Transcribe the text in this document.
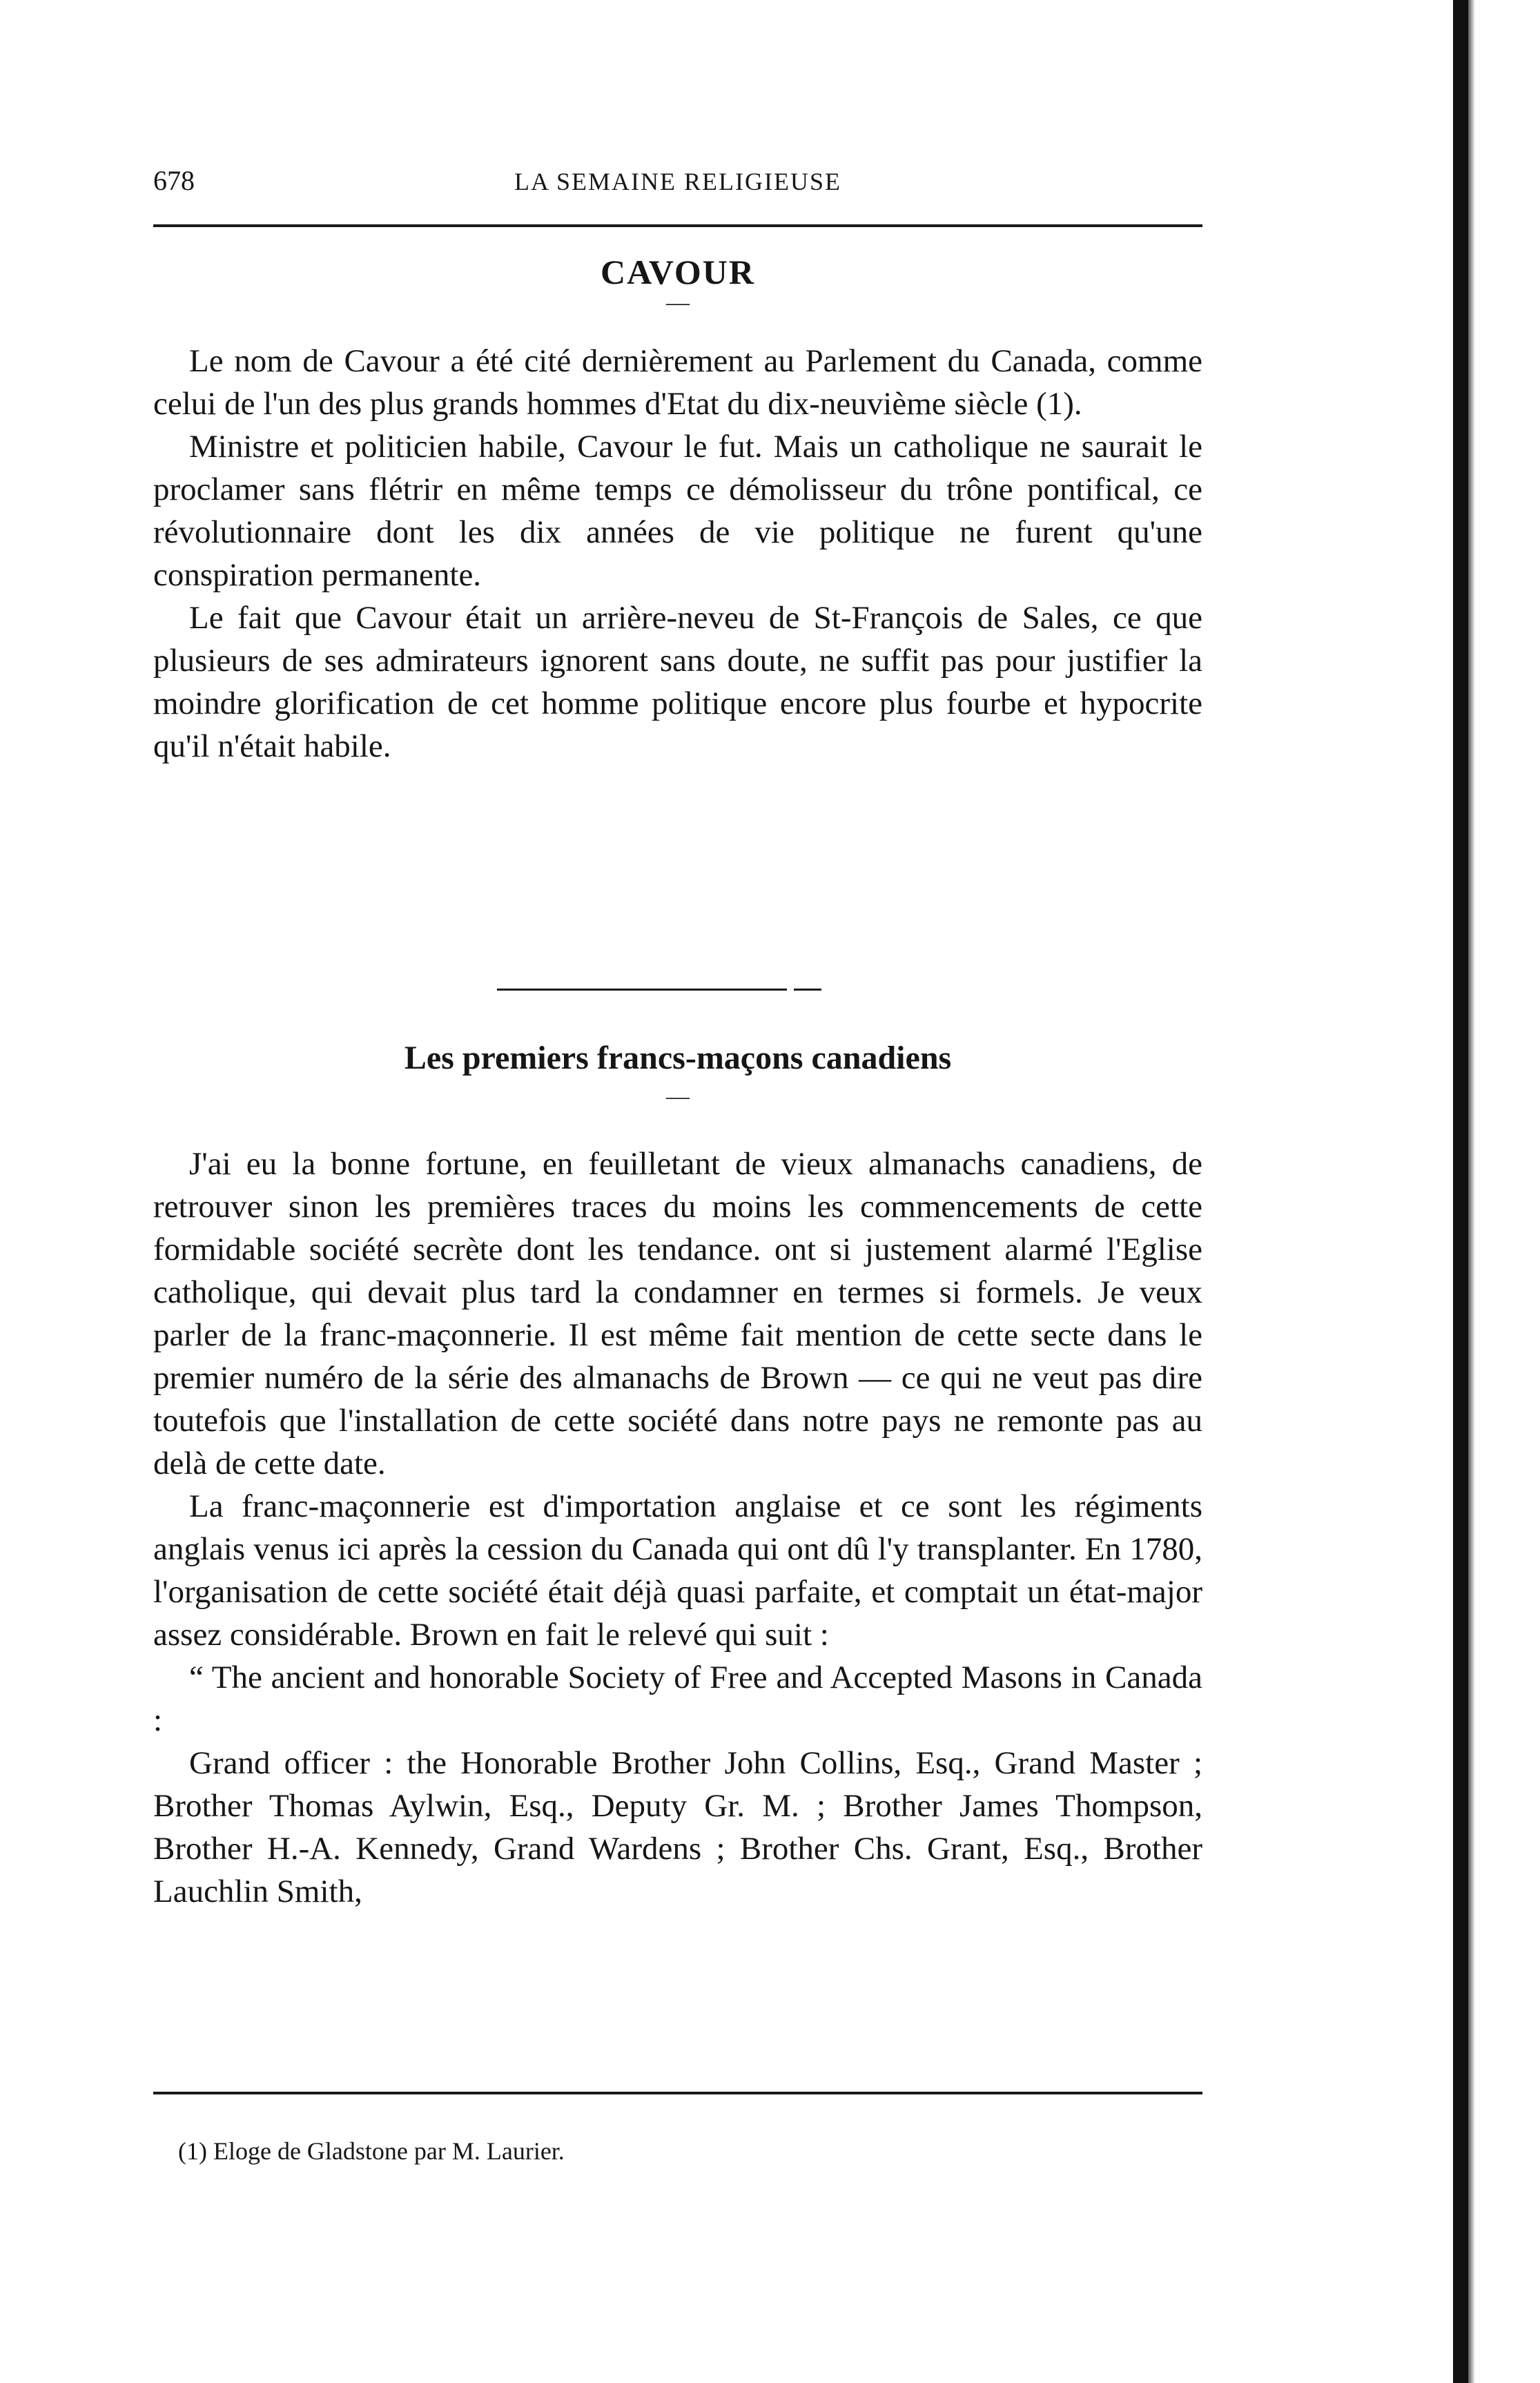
678	LA SEMAINE RELIGIEUSE
CAVOUR
—

Le nom de Cavour a été cité dernièrement au Parlement du Canada, comme celui de l'un des plus grands hommes d'Etat du dix-neuvième siècle (1).

Ministre et politicien habile, Cavour le fut. Mais un catholique ne saurait le proclamer sans flétrir en même temps ce démolisseur du trône pontifical, ce révolutionnaire dont les dix années de vie politique ne furent qu'une conspiration permanente.

Le fait que Cavour était un arrière-neveu de St-François de Sales, ce que plusieurs de ses admirateurs ignorent sans doute, ne suffit pas pour justifier la moindre glorification de cet homme politique encore plus fourbe et hypocrite qu'il n'était habile.

Les premiers francs-maçons canadiens
—

J'ai eu la bonne fortune, en feuilletant de vieux almanachs canadiens, de retrouver sinon les premières traces du moins les commencements de cette formidable société secrète dont les tendance. ont si justement alarmé l'Eglise catholique, qui devait plus tard la condamner en termes si formels. Je veux parler de la franc-maçonnerie. Il est même fait mention de cette secte dans le premier numéro de la série des almanachs de Brown — ce qui ne veut pas dire toutefois que l'installation de cette société dans notre pays ne remonte pas au delà de cette date.

La franc-maçonnerie est d'importation anglaise et ce sont les régiments anglais venus ici après la cession du Canada qui ont dû l'y transplanter. En 1780, l'organisation de cette société était déjà quasi parfaite, et comptait un état-major assez considérable. Brown en fait le relevé qui suit :

“ The ancient and honorable Society of Free and Accepted Masons in Canada :

Grand officer : the Honorable Brother John Collins, Esq., Grand Master ; Brother Thomas Aylwin, Esq., Deputy Gr. M. ; Brother James Thompson, Brother H.-A. Kennedy, Grand Wardens ; Brother Chs. Grant, Esq., Brother Lauchlin Smith,

(1) Eloge de Gladstone par M. Laurier.
